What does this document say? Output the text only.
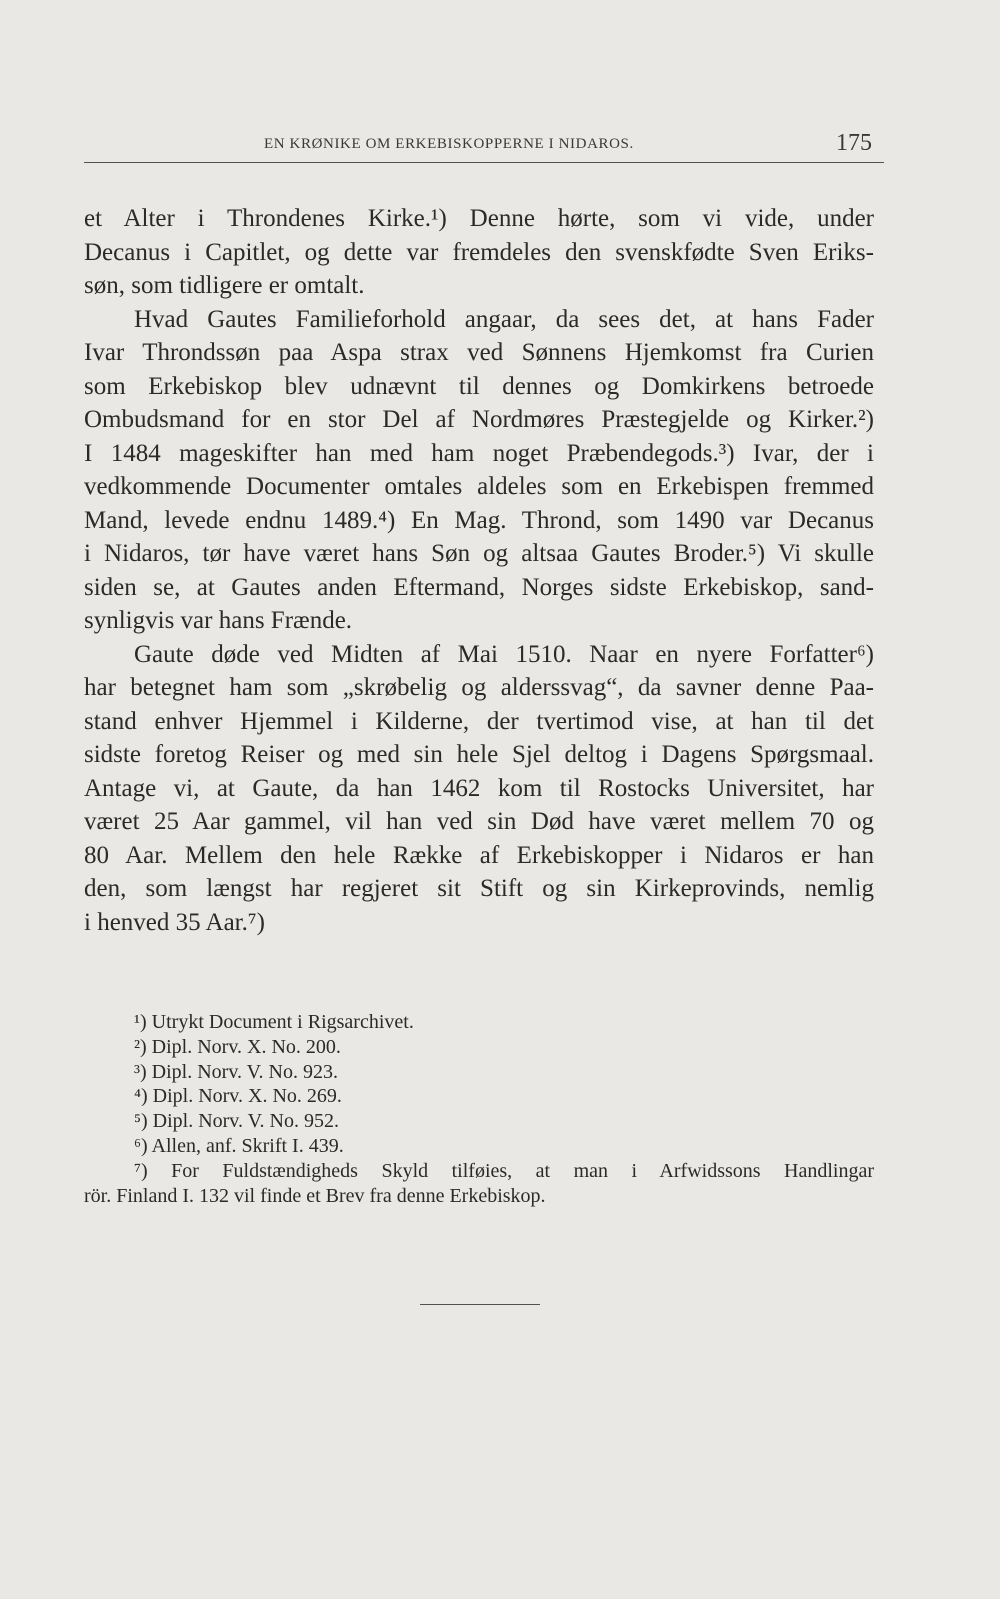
EN KRØNIKE OM ERKEBISKOPPERNE I NIDAROS.	175
et Alter i Throndenes Kirke.¹) Denne hørte, som vi vide, under
Decanus i Capitlet, og dette var fremdeles den svenskfødte Sven Eriks-
søn, som tidligere er omtalt.
Hvad Gautes Familieforhold angaar, da sees det, at hans Fader
Ivar Throndssøn paa Aspa strax ved Sønnens Hjemkomst fra Curien
som Erkebiskop blev udnævnt til dennes og Domkirkens betroede
Ombudsmand for en stor Del af Nordmøres Præstegjelde og Kirker.²)
I 1484 mageskifter han med ham noget Præbendegods.³) Ivar, der i
vedkommende Documenter omtales aldeles som en Erkebispen fremmed
Mand, levede endnu 1489.⁴) En Mag. Thrond, som 1490 var Decanus
i Nidaros, tør have været hans Søn og altsaa Gautes Broder.⁵) Vi skulle
siden se, at Gautes anden Eftermand, Norges sidste Erkebiskop, sand-
synligvis var hans Frænde.
Gaute døde ved Midten af Mai 1510. Naar en nyere Forfatter⁶)
har betegnet ham som „skrøbelig og alderssvag“, da savner denne Paa-
stand enhver Hjemmel i Kilderne, der tvertimod vise, at han til det
sidste foretog Reiser og med sin hele Sjel deltog i Dagens Spørgsmaal.
Antage vi, at Gaute, da han 1462 kom til Rostocks Universitet, har
været 25 Aar gammel, vil han ved sin Død have været mellem 70 og
80 Aar. Mellem den hele Række af Erkebiskopper i Nidaros er han
den, som længst har regjeret sit Stift og sin Kirkeprovinds, nemlig
i henved 35 Aar.⁷)
¹) Utrykt Document i Rigsarchivet.
²) Dipl. Norv. X. No. 200.
³) Dipl. Norv. V. No. 923.
⁴) Dipl. Norv. X. No. 269.
⁵) Dipl. Norv. V. No. 952.
⁶) Allen, anf. Skrift I. 439.
⁷) For Fuldstændigheds Skyld tilføies, at man i Arfwidssons Handlingar
rör. Finland I. 132 vil finde et Brev fra denne Erkebiskop.
